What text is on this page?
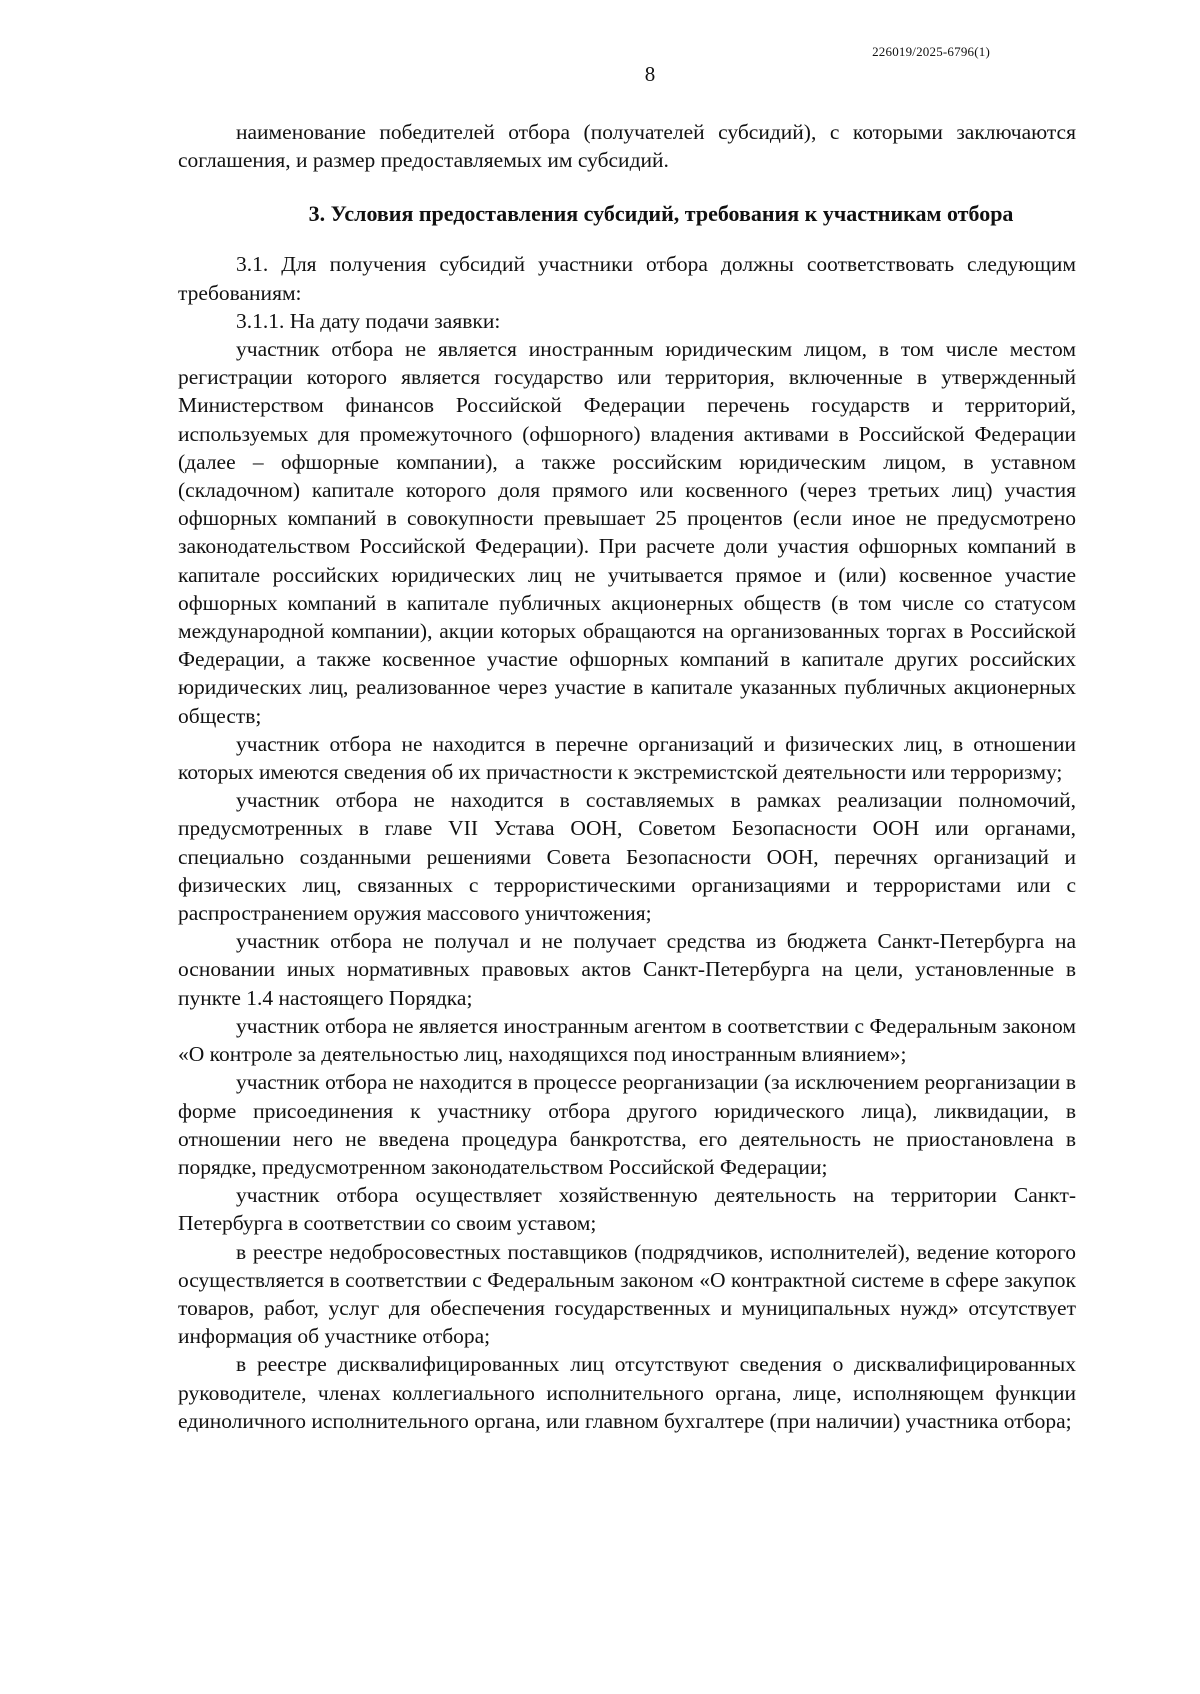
226019/2025-6796(1)
8

наименование победителей отбора (получателей субсидий), с которыми заключаются соглашения, и размер предоставляемых им субсидий.

3. Условия предоставления субсидий, требования к участникам отбора

3.1. Для получения субсидий участники отбора должны соответствовать следующим требованиям:

3.1.1. На дату подачи заявки:

участник отбора не является иностранным юридическим лицом, в том числе местом регистрации которого является государство или территория, включенные в утвержденный Министерством финансов Российской Федерации перечень государств и территорий, используемых для промежуточного (офшорного) владения активами в Российской Федерации (далее – офшорные компании), а также российским юридическим лицом, в уставном (складочном) капитале которого доля прямого или косвенного (через третьих лиц) участия офшорных компаний в совокупности превышает 25 процентов (если иное не предусмотрено законодательством Российской Федерации). При расчете доли участия офшорных компаний в капитале российских юридических лиц не учитывается прямое и (или) косвенное участие офшорных компаний в капитале публичных акционерных обществ (в том числе со статусом международной компании), акции которых обращаются на организованных торгах в Российской Федерации, а также косвенное участие офшорных компаний в капитале других российских юридических лиц, реализованное через участие в капитале указанных публичных акционерных обществ;

участник отбора не находится в перечне организаций и физических лиц, в отношении которых имеются сведения об их причастности к экстремистской деятельности или терроризму;

участник отбора не находится в составляемых в рамках реализации полномочий, предусмотренных в главе VII Устава ООН, Советом Безопасности ООН или органами, специально созданными решениями Совета Безопасности ООН, перечнях организаций и физических лиц, связанных с террористическими организациями и террористами или с распространением оружия массового уничтожения;

участник отбора не получал и не получает средства из бюджета Санкт-Петербурга на основании иных нормативных правовых актов Санкт-Петербурга на цели, установленные в пункте 1.4 настоящего Порядка;

участник отбора не является иностранным агентом в соответствии с Федеральным законом «О контроле за деятельностью лиц, находящихся под иностранным влиянием»;

участник отбора не находится в процессе реорганизации (за исключением реорганизации в форме присоединения к участнику отбора другого юридического лица), ликвидации, в отношении него не введена процедура банкротства, его деятельность не приостановлена в порядке, предусмотренном законодательством Российской Федерации;

участник отбора осуществляет хозяйственную деятельность на территории Санкт-Петербурга в соответствии со своим уставом;

в реестре недобросовестных поставщиков (подрядчиков, исполнителей), ведение которого осуществляется в соответствии с Федеральным законом «О контрактной системе в сфере закупок товаров, работ, услуг для обеспечения государственных и муниципальных нужд» отсутствует информация об участнике отбора;

в реестре дисквалифицированных лиц отсутствуют сведения о дисквалифицированных руководителе, членах коллегиального исполнительного органа, лице, исполняющем функции единоличного исполнительного органа, или главном бухгалтере (при наличии) участника отбора;
